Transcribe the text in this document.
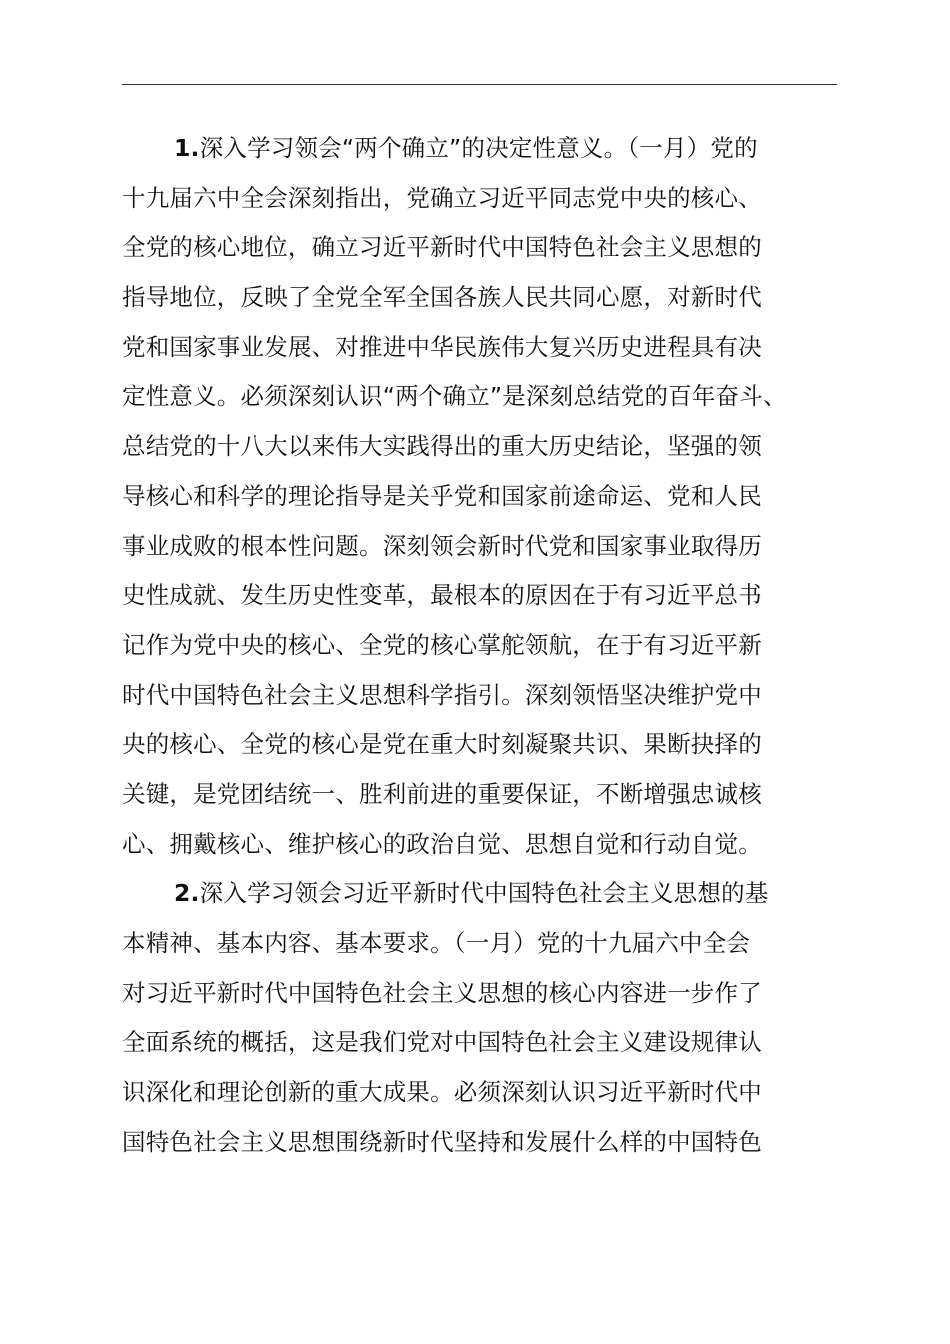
1.深入学习领会“两个确立”的决定性意义。（一月）党的
十九届六中全会深刻指出，党确立习近平同志党中央的核心、
全党的核心地位，确立习近平新时代中国特色社会主义思想的
指导地位，反映了全党全军全国各族人民共同心愿，对新时代
党和国家事业发展、对推进中华民族伟大复兴历史进程具有决
定性意义。必须深刻认识“两个确立”是深刻总结党的百年奋斗、
总结党的十八大以来伟大实践得出的重大历史结论，坚强的领
导核心和科学的理论指导是关乎党和国家前途命运、党和人民
事业成败的根本性问题。深刻领会新时代党和国家事业取得历
史性成就、发生历史性变革，最根本的原因在于有习近平总书
记作为党中央的核心、全党的核心掌舵领航，在于有习近平新
时代中国特色社会主义思想科学指引。深刻领悟坚决维护党中
央的核心、全党的核心是党在重大时刻凝聚共识、果断抉择的
关键，是党团结统一、胜利前进的重要保证，不断增强忠诚核
心、拥戴核心、维护核心的政治自觉、思想自觉和行动自觉。
2.深入学习领会习近平新时代中国特色社会主义思想的基
本精神、基本内容、基本要求。（一月）党的十九届六中全会
对习近平新时代中国特色社会主义思想的核心内容进一步作了
全面系统的概括，这是我们党对中国特色社会主义建设规律认
识深化和理论创新的重大成果。必须深刻认识习近平新时代中
国特色社会主义思想围绕新时代坚持和发展什么样的中国特色
